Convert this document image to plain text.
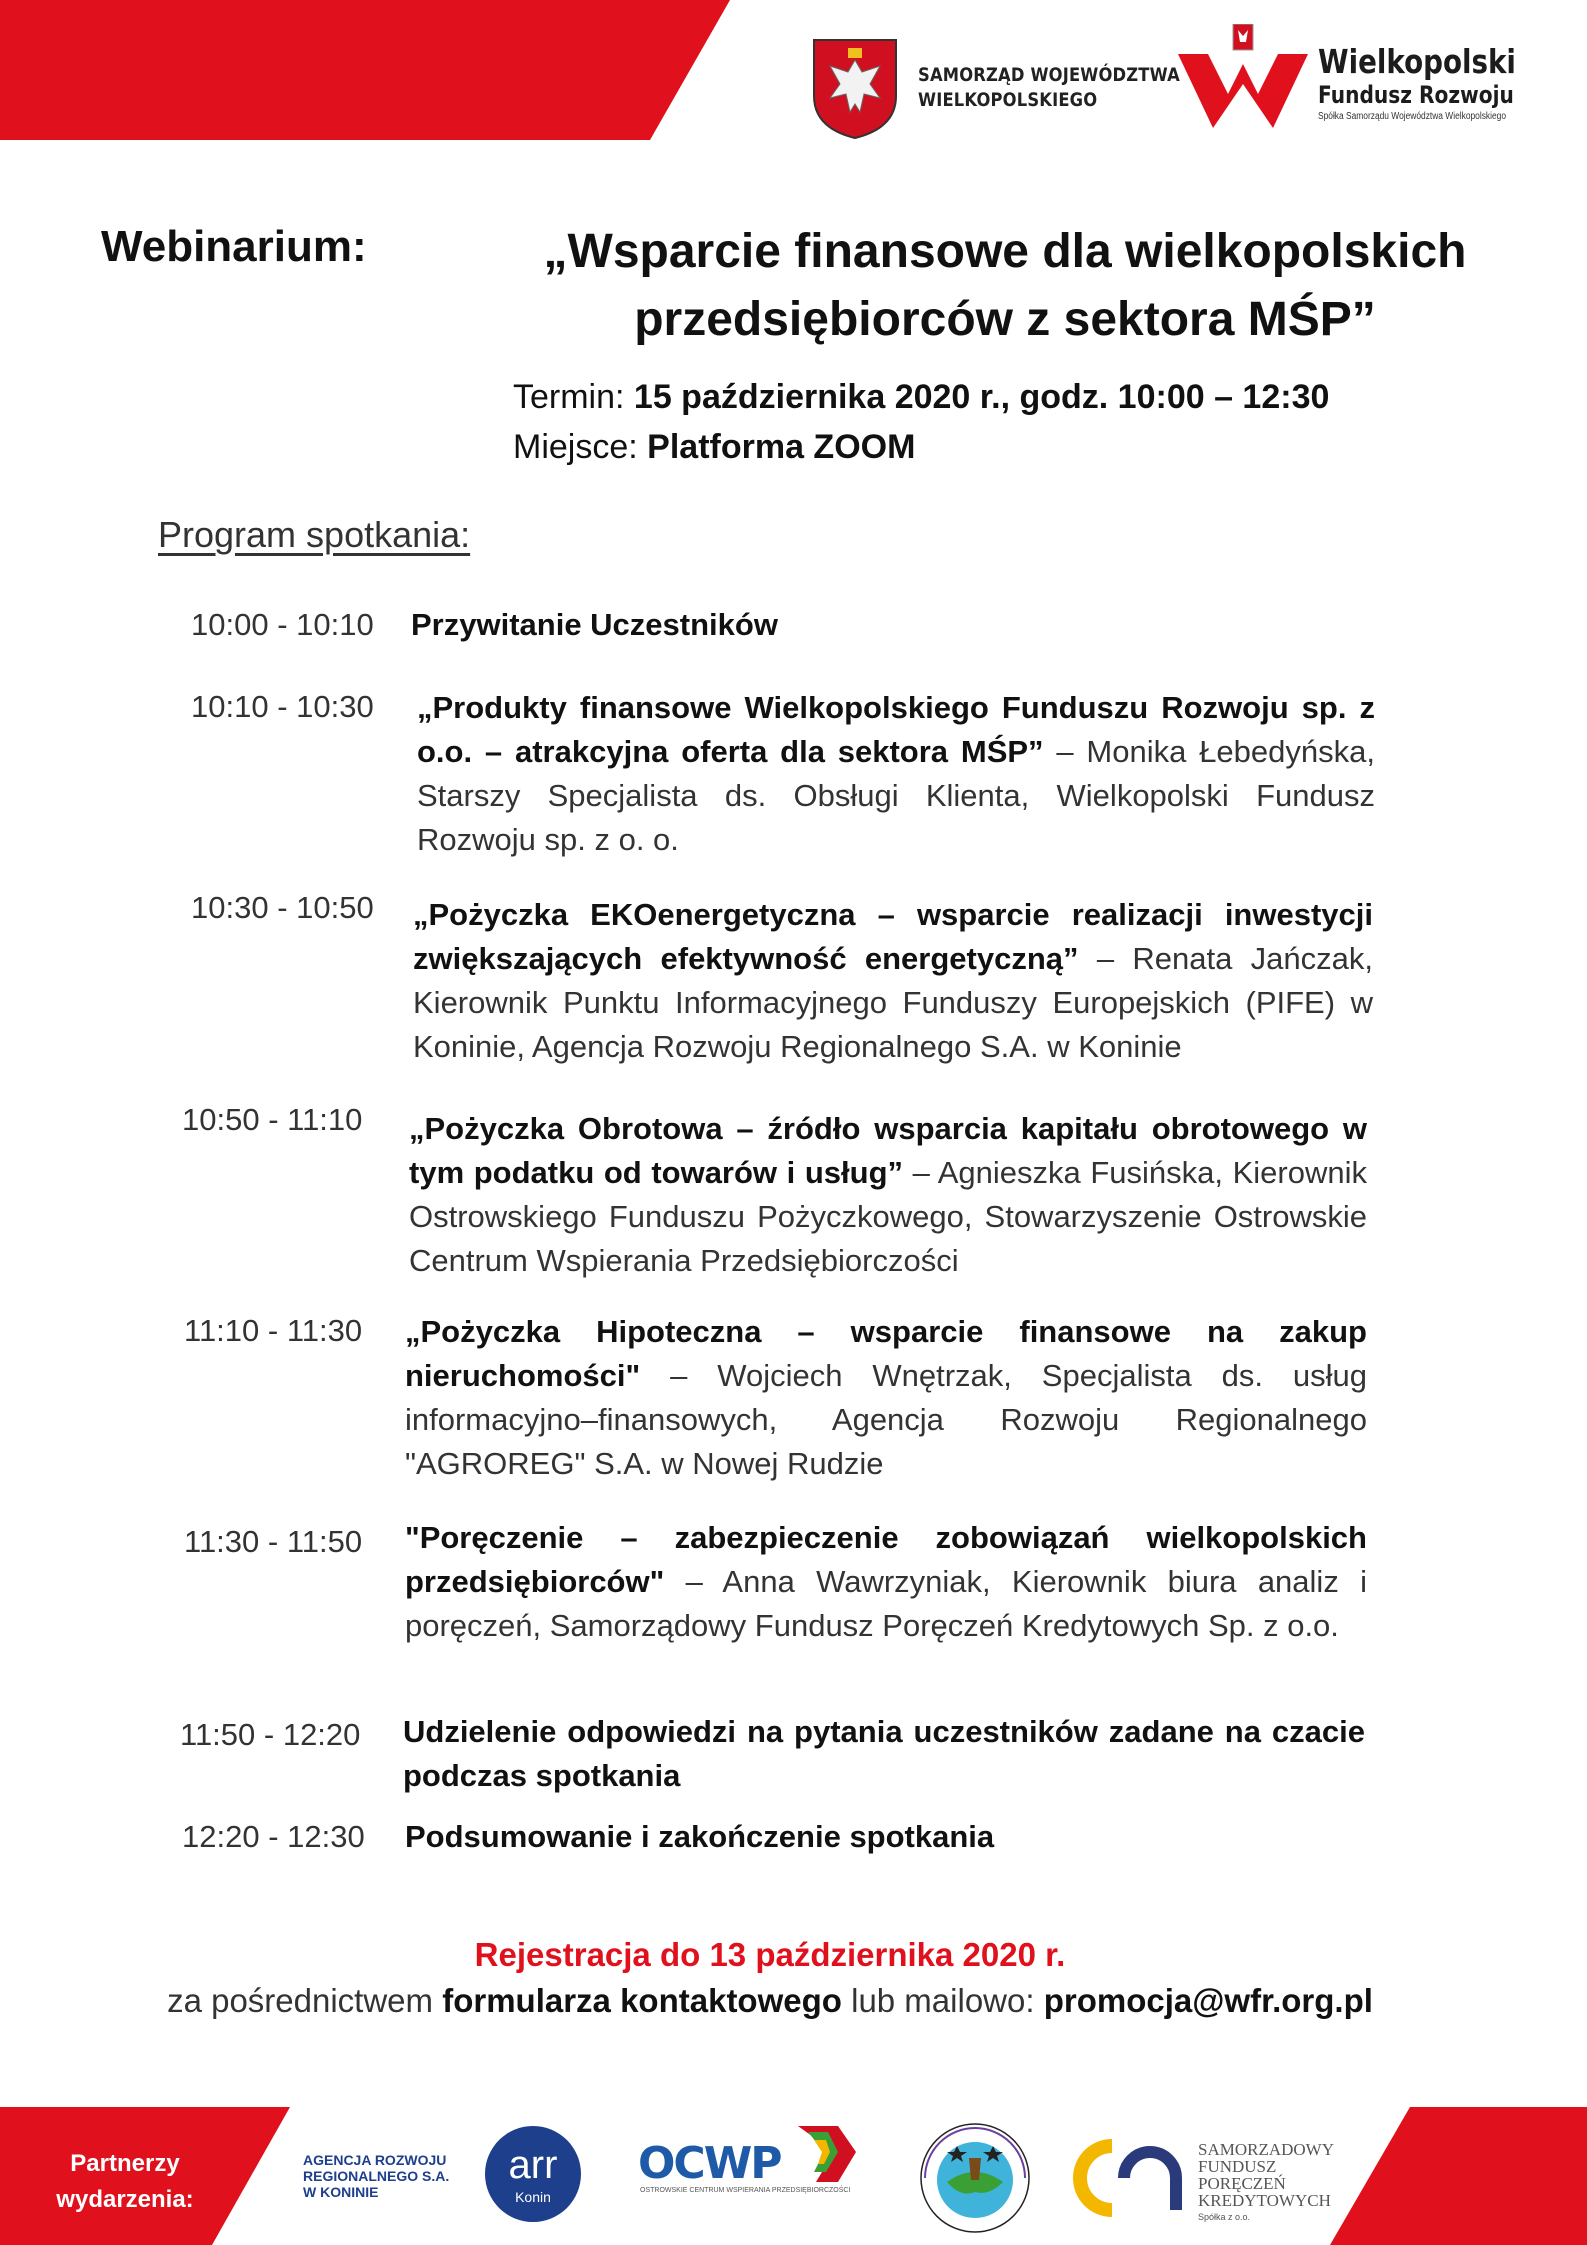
SAMORZĄD WOJEWÓDZTWA
WIELKOPOLSKIEGO
Wielkopolski
Fundusz Rozwoju
Spółka Samorządu Województwa Wielkopolskiego
Webinarium:	„Wsparcie finansowe dla wielkopolskich
przedsiębiorców z sektora MŚP”
Termin: 15 października 2020 r., godz. 10:00 – 12:30
Miejsce: Platforma ZOOM
Program spotkania:
10:00 - 10:10 Przywitanie Uczestników
10:10 - 10:30 „Produkty finansowe Wielkopolskiego Funduszu Rozwoju sp. z o.o. – atrakcyjna oferta dla sektora MŚP” – Monika Łebedyńska, Starszy Specjalista ds. Obsługi Klienta, Wielkopolski Fundusz Rozwoju sp. z o. o.
10:30 - 10:50 „Pożyczka EKOenergetyczna – wsparcie realizacji inwestycji zwiększających efektywność energetyczną” – Renata Jańczak, Kierownik Punktu Informacyjnego Funduszy Europejskich (PIFE) w Koninie, Agencja Rozwoju Regionalnego S.A. w Koninie
10:50 - 11:10 „Pożyczka Obrotowa – źródło wsparcia kapitału obrotowego w tym podatku od towarów i usług” – Agnieszka Fusińska, Kierownik Ostrowskiego Funduszu Pożyczkowego, Stowarzyszenie Ostrowskie Centrum Wspierania Przedsiębiorczości
11:10 - 11:30 „Pożyczka Hipoteczna – wsparcie finansowe na zakup nieruchomości" – Wojciech Wnętrzak, Specjalista ds. usług informacyjno–finansowych, Agencja Rozwoju Regionalnego "AGROREG" S.A. w Nowej Rudzie
11:30 - 11:50 "Poręczenie – zabezpieczenie zobowiązań wielkopolskich przedsiębiorców" – Anna Wawrzyniak, Kierownik biura analiz i poręczeń, Samorządowy Fundusz Poręczeń Kredytowych Sp. z o.o.
11:50 - 12:20 Udzielenie odpowiedzi na pytania uczestników zadane na czacie podczas spotkania
12:20 - 12:30 Podsumowanie i zakończenie spotkania
Rejestracja do 13 października 2020 r.
za pośrednictwem formularza kontaktowego lub mailowo: promocja@wfr.org.pl
Partnerzy
wydarzenia:
AGENCJA ROZWOJU
REGIONALNEGO S.A.
W KONINIE
arr
Konin
OCWP
OSTROWSKIE CENTRUM WSPIERANIA PRZEDSIĘBIORCZOŚCI
SAMORZADOWY
FUNDUSZ
PORĘCZEŃ
KREDYTOWYCH
Spółka z o.o.
